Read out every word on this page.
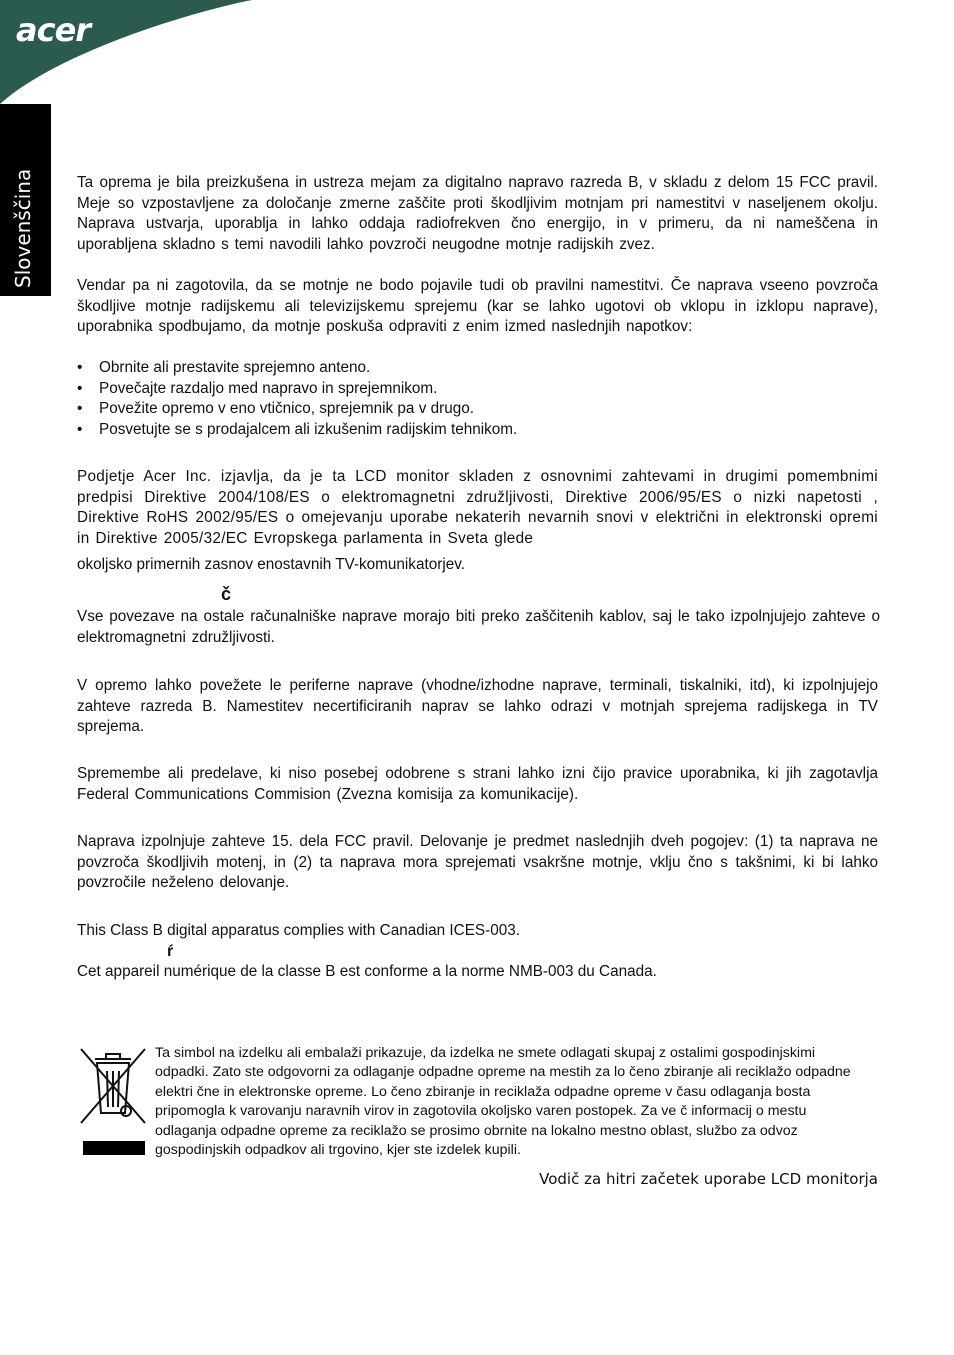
acer
Slovenščina	Ta oprema je bila preizkušena in ustreza mejam za digitalno napravo razreda B, v skladu z delom 15 FCC pravil. Meje so vzpostavljene za določanje zmerne zaščite proti škodljivim motnjam pri namestitvi v naseljenem okolju. Naprava ustvarja, uporablja in lahko oddaja radiofrekven čno energijo, in v primeru, da ni nameščena in uporabljena skladno s temi navodili lahko povzroči neugodne motnje radijskih zvez.

Vendar pa ni zagotovila, da se motnje ne bodo pojavile tudi ob pravilni namestitvi. Če naprava vseeno povzroča škodljive motnje radijskemu ali televizijskemu sprejemu (kar se lahko ugotovi ob vklopu in izklopu naprave), uporabnika spodbujamo, da motnje poskuša odpraviti z enim izmed naslednjih napotkov:

• Obrnite ali prestavite sprejemno anteno.
• Povečajte razdaljo med napravo in sprejemnikom.
• Povežite opremo v eno vtičnico, sprejemnik pa v drugo.
• Posvetujte se s prodajalcem ali izkušenim radijskim tehnikom.

Podjetje Acer Inc. izjavlja, da je ta LCD monitor skladen z osnovnimi zahtevami in drugimi pomembnimi predpisi Direktive 2004/108/ES o elektromagnetni združljivosti, Direktive 2006/95/ES o nizki napetosti , Direktive RoHS 2002/95/ES o omejevanju uporabe nekaterih nevarnih snovi v električni in elektronski opremi in Direktive 2005/32/EC Evropskega parlamenta in Sveta glede

okoljsko primernih zasnov enostavnih TV-komunikatorjev.

č

Vse povezave na ostale računalniške naprave morajo biti preko zaščitenih kablov, saj le tako izpolnjujejo zahteve o elektromagnetni združljivosti.

V opremo lahko povežete le periferne naprave (vhodne/izhodne naprave, terminali, tiskalniki, itd), ki izpolnjujejo zahteve razreda B. Namestitev necertificiranih naprav se lahko odrazi v motnjah sprejema radijskega in TV sprejema.

Spremembe ali predelave, ki niso posebej odobrene s strani lahko izni čijo pravice uporabnika, ki jih zagotavlja Federal Communications Commision (Zvezna komisija za komunikacije).

Naprava izpolnjuje zahteve 15. dela FCC pravil. Delovanje je predmet naslednjih dveh pogojev: (1) ta naprava ne povzroča škodljivih motenj, in (2) ta naprava mora sprejemati vsakršne motnje, vklju čno s takšnimi, ki bi lahko povzročile neželeno delovanje.

This Class B digital apparatus complies with Canadian ICES-003.

ŕ

Cet appareil numérique de la classe B est conforme a la norme NMB-003 du Canada.

Ta simbol na izdelku ali embalaži prikazuje, da izdelka ne smete odlagati skupaj z ostalimi gospodinjskimi odpadki. Zato ste odgovorni za odlaganje odpadne opreme na mestih za lo čeno zbiranje ali reciklažo odpadne elektri čne in elektronske opreme. Lo čeno zbiranje in reciklaža odpadne opreme v času odlaganja bosta pripomogla k varovanju naravnih virov in zagotovila okoljsko varen postopek. Za ve č informacij o mestu odlaganja odpadne opreme za reciklažo se prosimo obrnite na lokalno mestno oblast, službo za odvoz gospodinjskih odpadkov ali trgovino, kjer ste izdelek kupili.

Vodič za hitri začetek uporabe LCD monitorja
